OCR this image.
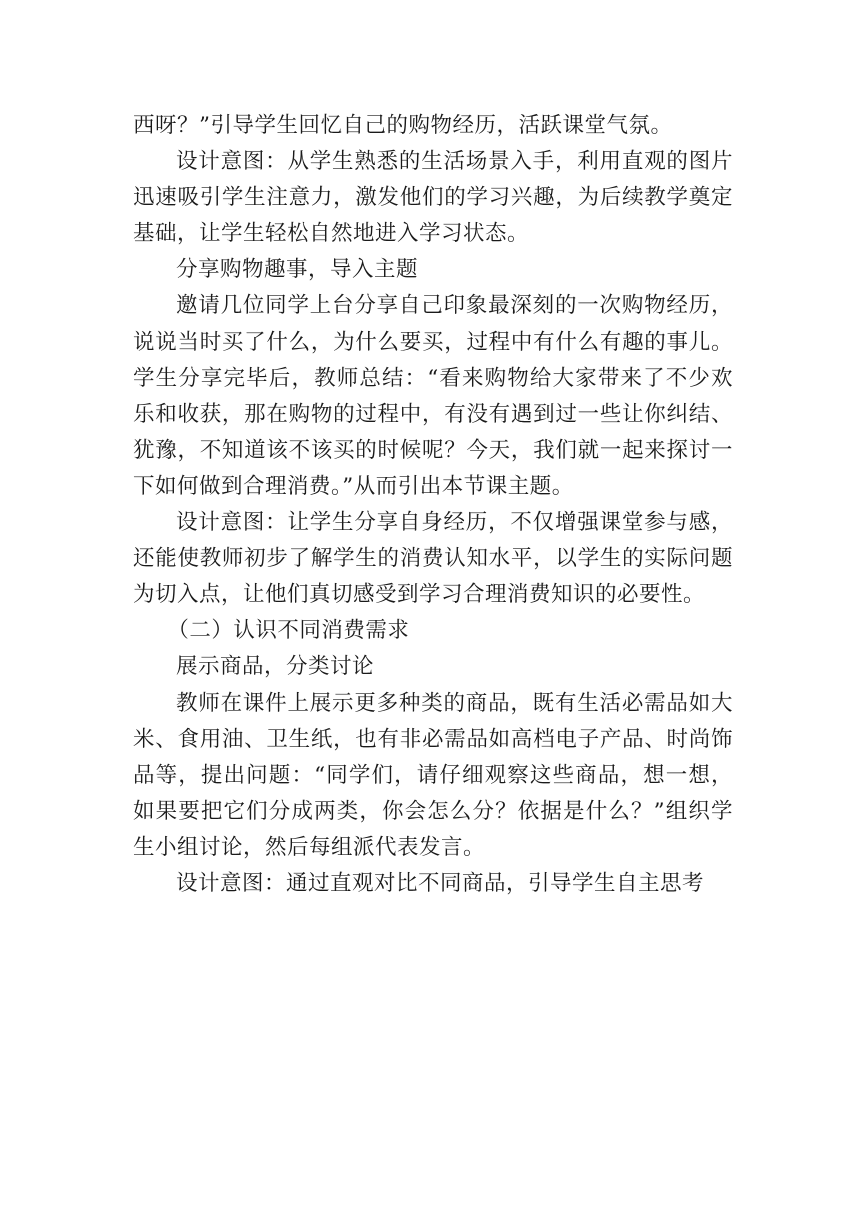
西呀？”引导学生回忆自己的购物经历，活跃课堂气氛。

设计意图：从学生熟悉的生活场景入手，利用直观的图片迅速吸引学生注意力，激发他们的学习兴趣，为后续教学奠定基础，让学生轻松自然地进入学习状态。

分享购物趣事，导入主题

邀请几位同学上台分享自己印象最深刻的一次购物经历，说说当时买了什么，为什么要买，过程中有什么有趣的事儿。学生分享完毕后，教师总结：“看来购物给大家带来了不少欢乐和收获，那在购物的过程中，有没有遇到过一些让你纠结、犹豫，不知道该不该买的时候呢？今天，我们就一起来探讨一下如何做到合理消费。”从而引出本节课主题。

设计意图：让学生分享自身经历，不仅增强课堂参与感，还能使教师初步了解学生的消费认知水平，以学生的实际问题为切入点，让他们真切感受到学习合理消费知识的必要性。

（二）认识不同消费需求

展示商品，分类讨论

教师在课件上展示更多种类的商品，既有生活必需品如大米、食用油、卫生纸，也有非必需品如高档电子产品、时尚饰品等，提出问题：“同学们，请仔细观察这些商品，想一想，如果要把它们分成两类，你会怎么分？依据是什么？”组织学生小组讨论，然后每组派代表发言。

设计意图：通过直观对比不同商品，引导学生自主思考
